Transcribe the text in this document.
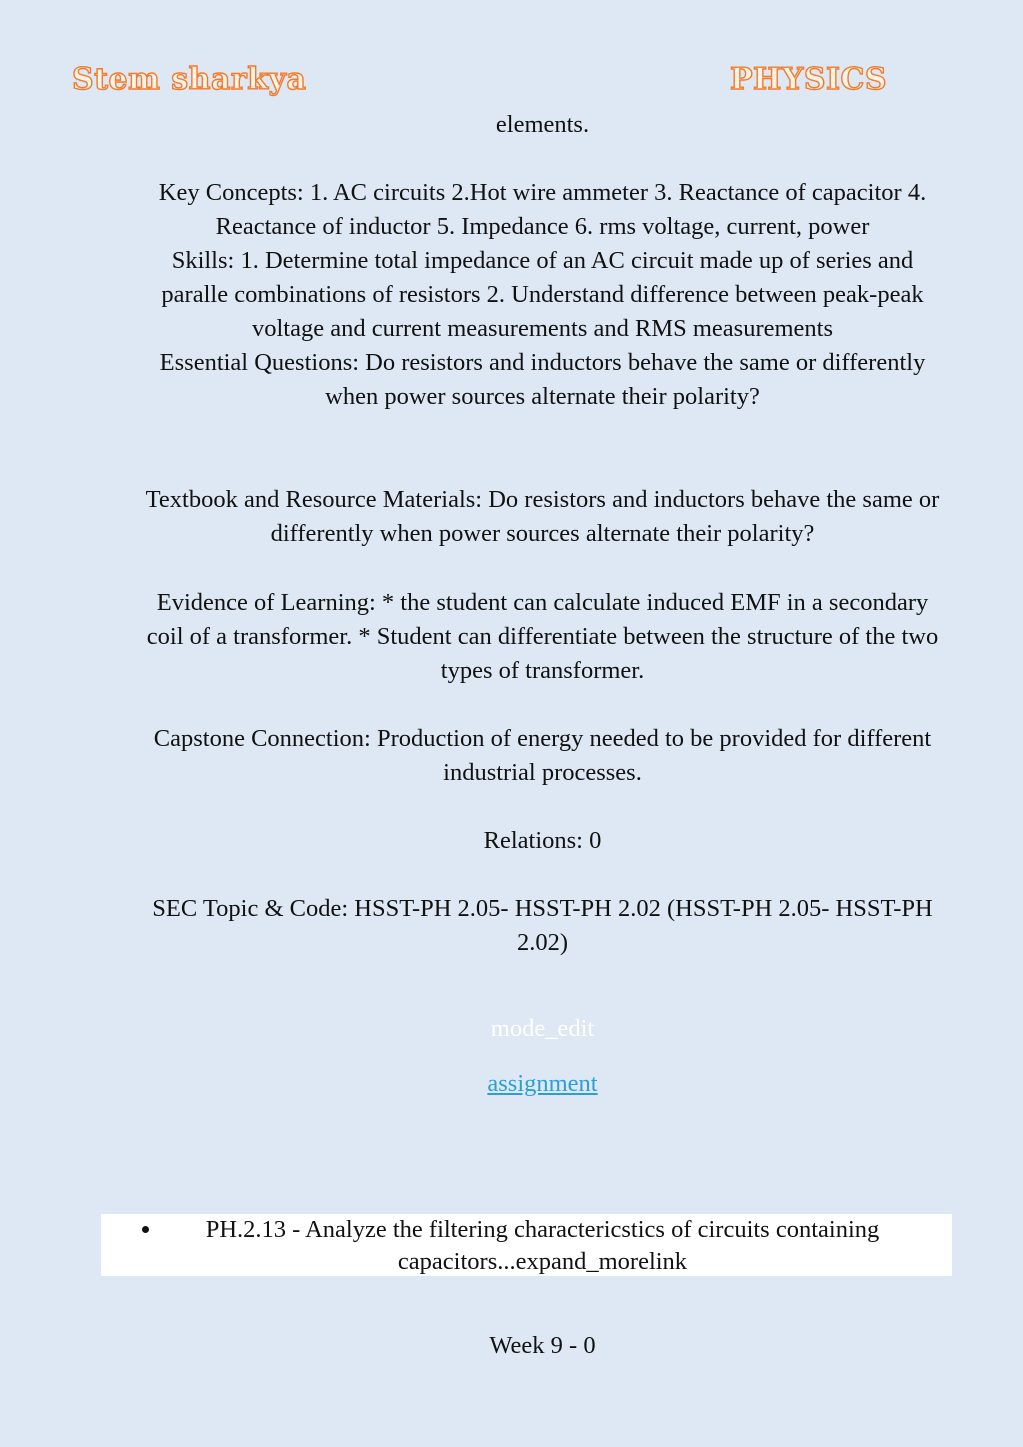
Stem sharkya	PHYSICS

elements.

Key Concepts: 1. AC circuits 2.Hot wire ammeter 3. Reactance of capacitor 4. Reactance of inductor 5. Impedance 6. rms voltage, current, power

Skills: 1. Determine total impedance of an AC circuit made up of series and paralle combinations of resistors 2. Understand difference between peak-peak voltage and current measurements and RMS measurements

Essential Questions: Do resistors and inductors behave the same or differently when power sources alternate their polarity?

Textbook and Resource Materials: Do resistors and inductors behave the same or differently when power sources alternate their polarity?

Evidence of Learning: * the student can calculate induced EMF in a secondary coil of a transformer. * Student can differentiate between the structure of the two types of transformer.

Capstone Connection: Production of energy needed to be provided for different industrial processes.

Relations: 0

SEC Topic & Code: HSST-PH 2.05- HSST-PH 2.02 (HSST-PH 2.05- HSST-PH 2.02)

mode_edit
assignment
• PH.2.13 - Analyze the filtering charactericstics of circuits containing capacitors...expand_morelink
Week 9 - 0
